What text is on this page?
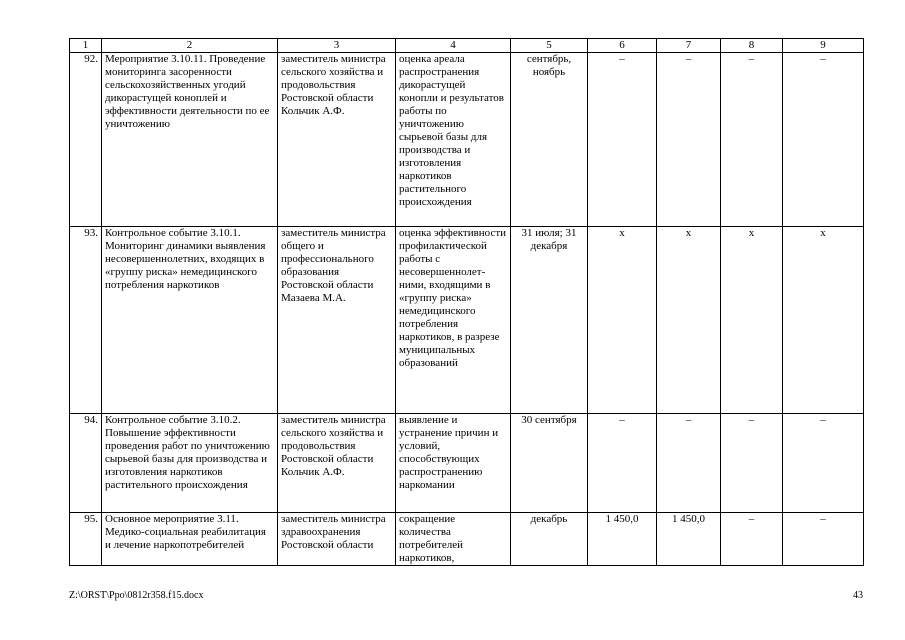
1	2	3	4	5	6	7	8	9
92.	Мероприятие 3.10.11. Проведение мониторинга засоренности сельскохозяйственных угодий дикорастущей коноплей и эффективности деятельности по ее уничтожению	заместитель министра сельского хозяйства и продовольствия Ростовской области Кольчик А.Ф.	оценка ареала распространения дикорастущей конопли и результатов работы по уничтожению сырьевой базы для производства и изготовления наркотиков растительного происхождения	сентябрь, ноябрь	–	–	–	–
93.	Контрольное событие 3.10.1. Мониторинг динамики выявления несовершеннолетних, входящих в «группу риска» немедицинского потребления наркотиков	заместитель министра общего и профессионального образования Ростовской области Мазаева М.А.	оценка эффективности профилактической работы с несовершеннолет-ними, входящими в «группу риска» немедицинского потребления наркотиков, в разрезе муниципальных образований	31 июля; 31 декабря	х	х	х	х
94.	Контрольное событие 3.10.2. Повышение эффективности проведения работ по уничтожению сырьевой базы для производства и изготовления наркотиков растительного происхождения	заместитель министра сельского хозяйства и продовольствия Ростовской области Кольчик А.Ф.	выявление и устранение причин и условий, способствующих распространению наркомании	30 сентября	–	–	–	–
95.	Основное мероприятие 3.11. Медико-социальная реабилитация и лечение наркопотребителей	заместитель министра здравоохранения Ростовской области	сокращение количества потребителей наркотиков,	декабрь	1 450,0	1 450,0	–	–
Z:\ORST\Ppo\0812r358.f15.docx	43
